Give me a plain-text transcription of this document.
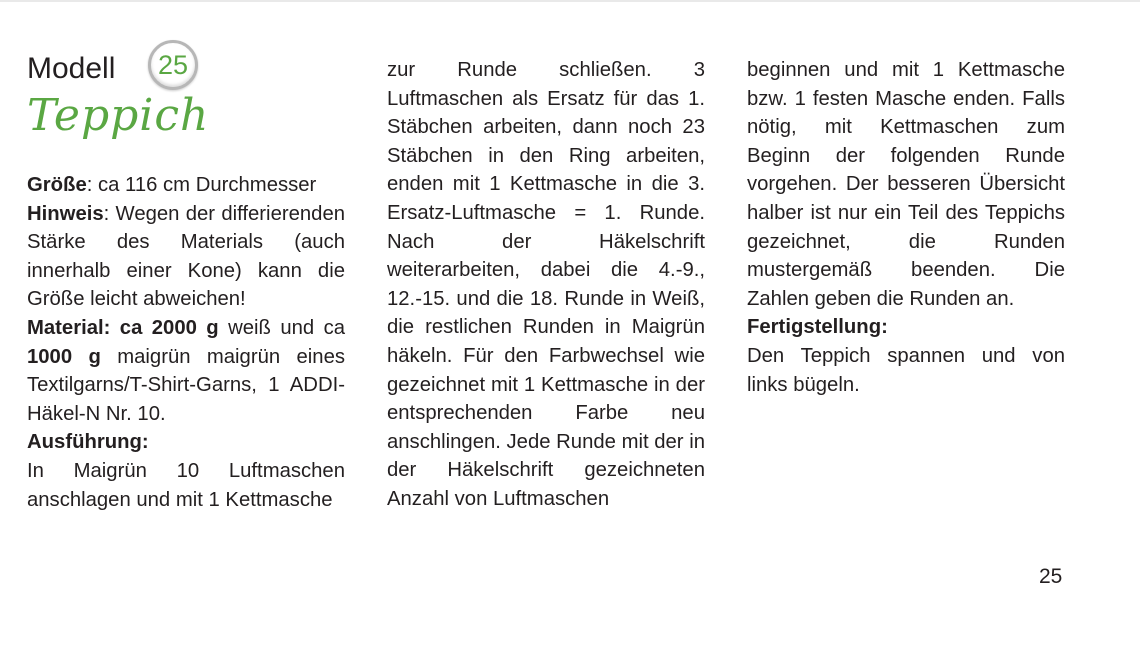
Modell	25
Teppich

Größe: ca 116 cm Durchmesser

Hinweis: Wegen der differierenden Stärke des Materials (auch innerhalb einer Kone) kann die Größe leicht abweichen!

Material: ca 2000 g weiß und ca 1000 g maigrün maigrün eines Textilgarns/T-Shirt-Garns, 1 ADDI-Häkel-N Nr. 10.

Ausführung:

In Maigrün 10 Luftmaschen anschlagen und mit 1 Kettmasche

zur Runde schließen. 3 Luftmaschen als Ersatz für das 1. Stäbchen arbeiten, dann noch 23 Stäbchen in den Ring arbeiten, enden mit 1 Kettmasche in die 3. Ersatz-Luftmasche = 1. Runde. Nach der Häkelschrift weiterarbeiten, dabei die 4.-9., 12.-15. und die 18. Runde in Weiß, die restlichen Runden in Maigrün häkeln. Für den Farbwechsel wie gezeichnet mit 1 Kettmasche in der entsprechenden Farbe neu anschlingen. Jede Runde mit der in der Häkelschrift gezeichneten Anzahl von Luftmaschen

beginnen und mit 1 Kettmasche bzw. 1 festen Masche enden. Falls nötig, mit Kettmaschen zum Beginn der folgenden Runde vorgehen. Der besseren Übersicht halber ist nur ein Teil des Teppichs gezeichnet, die Runden mustergemäß beenden. Die Zahlen geben die Runden an.

Fertigstellung:

Den Teppich spannen und von links bügeln.

25
